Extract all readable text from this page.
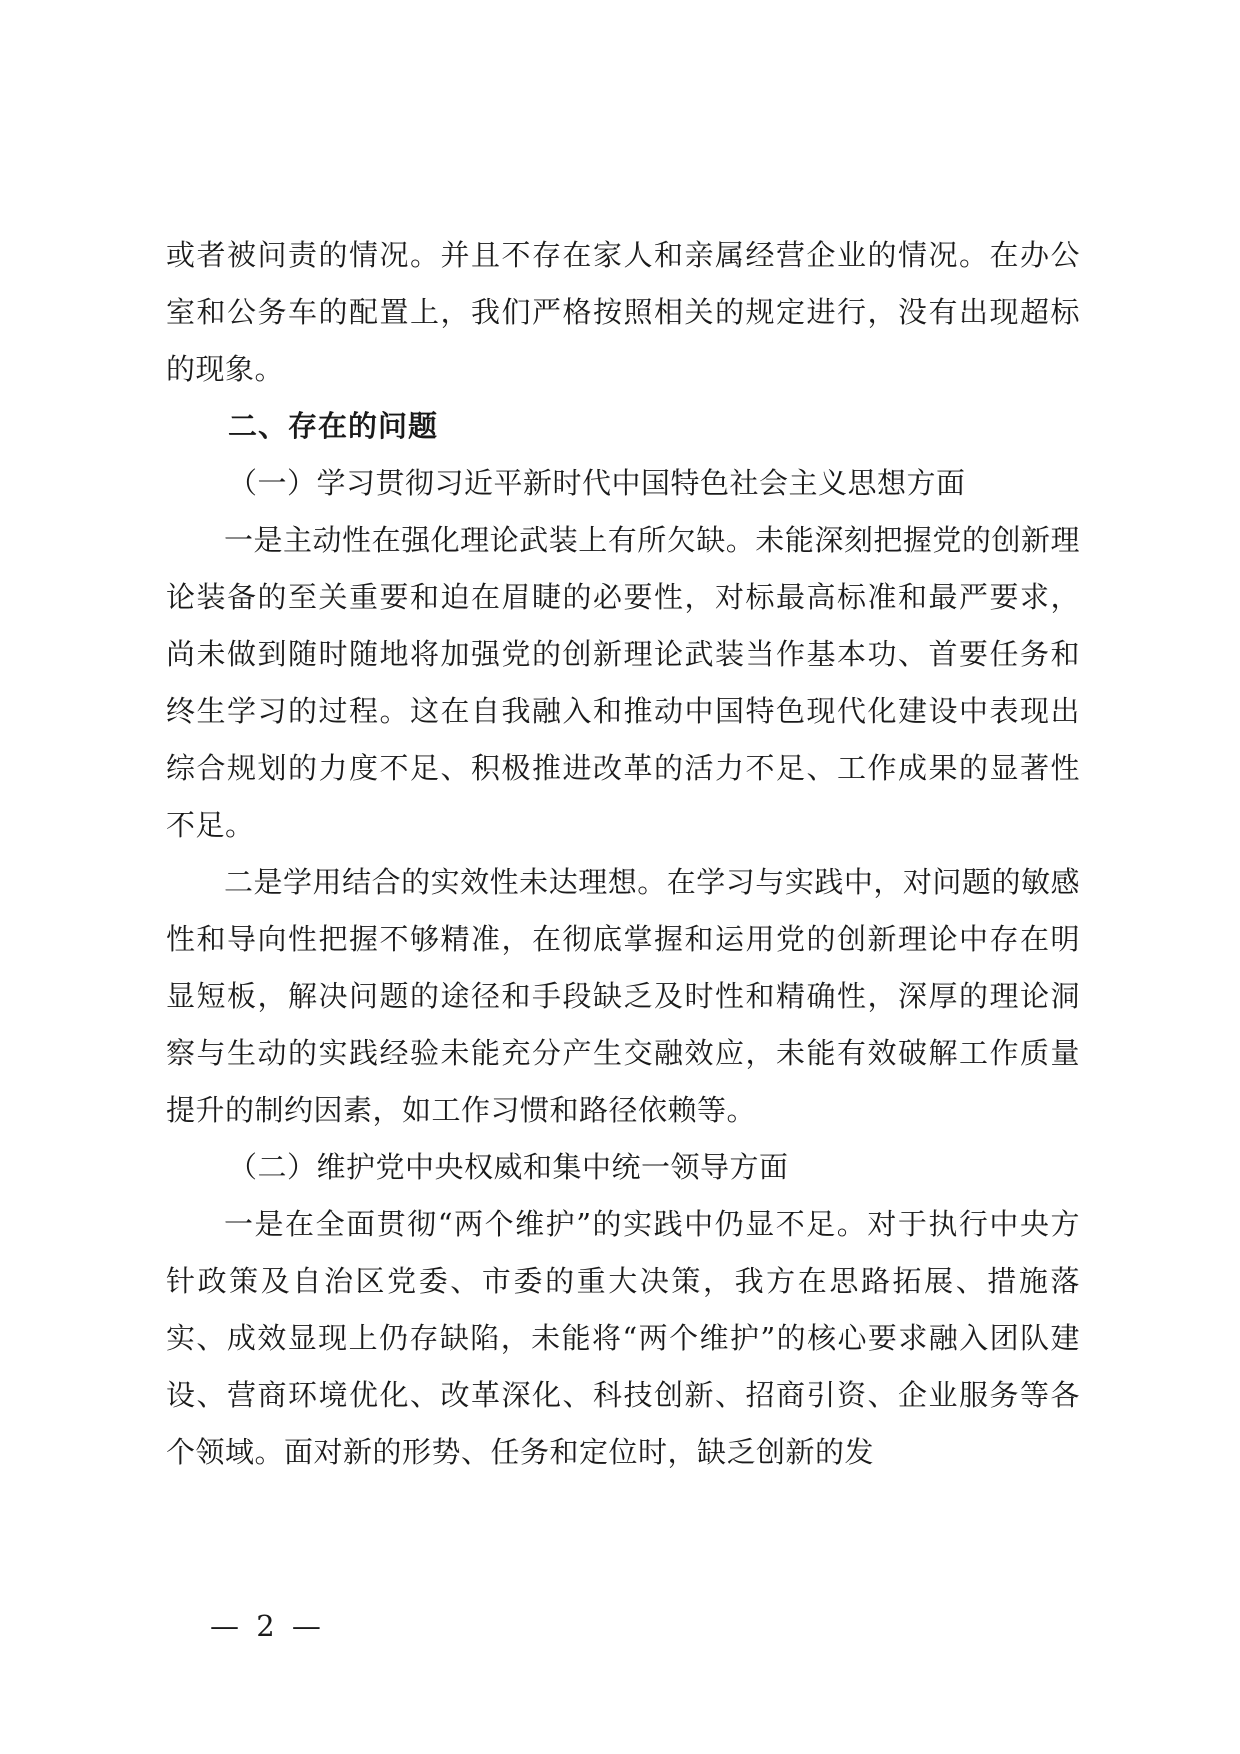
或者被问责的情况。并且不存在家人和亲属经营企业的情况。在办公室和公务车的配置上，我们严格按照相关的规定进行，没有出现超标的现象。

二、存在的问题

（一）学习贯彻习近平新时代中国特色社会主义思想方面

一是主动性在强化理论武装上有所欠缺。未能深刻把握党的创新理论装备的至关重要和迫在眉睫的必要性，对标最高标准和最严要求，尚未做到随时随地将加强党的创新理论武装当作基本功、首要任务和终生学习的过程。这在自我融入和推动中国特色现代化建设中表现出综合规划的力度不足、积极推进改革的活力不足、工作成果的显著性不足。

二是学用结合的实效性未达理想。在学习与实践中，对问题的敏感性和导向性把握不够精准，在彻底掌握和运用党的创新理论中存在明显短板，解决问题的途径和手段缺乏及时性和精确性，深厚的理论洞察与生动的实践经验未能充分产生交融效应，未能有效破解工作质量提升的制约因素，如工作习惯和路径依赖等。

（二）维护党中央权威和集中统一领导方面

一是在全面贯彻“两个维护”的实践中仍显不足。对于执行中央方针政策及自治区党委、市委的重大决策，我方在思路拓展、措施落实、成效显现上仍存缺陷，未能将“两个维护”的核心要求融入团队建设、营商环境优化、改革深化、科技创新、招商引资、企业服务等各个领域。面对新的形势、任务和定位时，缺乏创新的发

— 2 —
